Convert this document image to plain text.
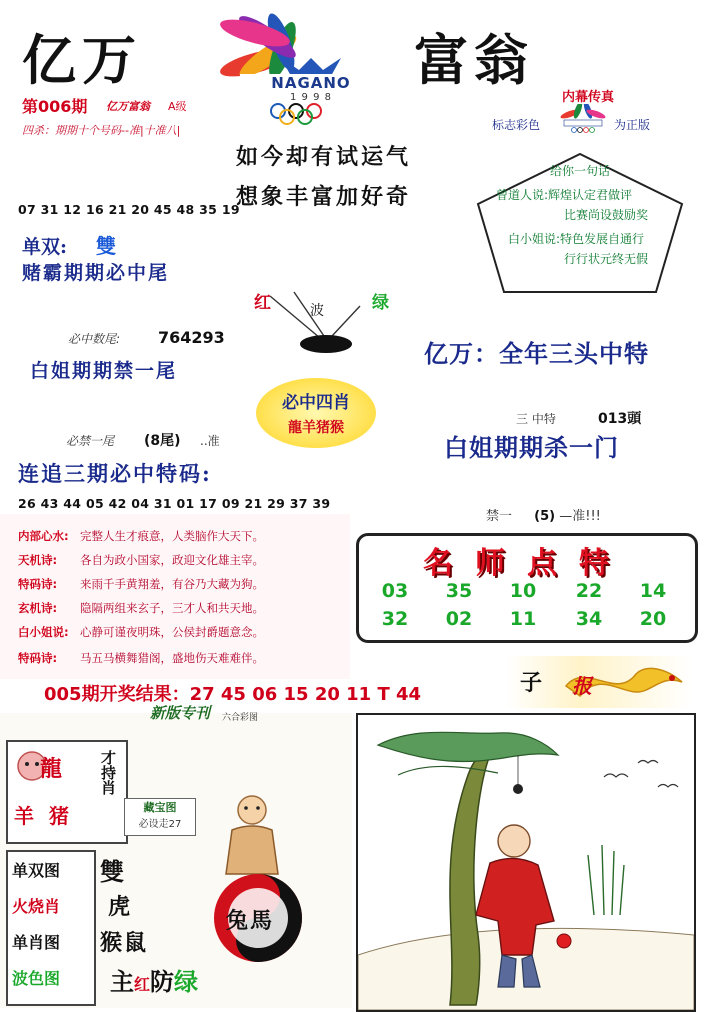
亿万	富翁
NAGANO
1 9 9 8
第006期 亿万富翁 A级
四杀：期期十个号码--准|十准八|
如今却有试运气
想象丰富加好奇
内幕传真
标志彩色	为正版
给你一句话
曾道人说:辉煌认定君做评
比赛尚设鼓励奖
白小姐说:特色发展自通行
行行状元终无假
07 31 12 16 21 20 45 48 35 19
单双: 雙
赌霸期期必中尾
红	波	绿
必中数尾: 764293
白姐期期禁一尾
亿万：全年三头中特
必中四肖
龍羊猪猴
三 中特	013頭
白姐期期杀一门
必禁一尾 (8尾) ..准
连追三期必中特码:
26 43 44 05 42 04 31 01 17 09 21 29 37 39
禁一 (5) —准!!!
内部心水: 完整人生才痕意，人类脑作大天下。
天机诗: 各自为政小国家，政迎文化雄主宰。
特码诗: 来雨千手黄翔羞，有谷乃大藏为狗。
玄机诗: 隐隔两组来玄子，三才人和共天地。
白小姐说: 心静可谨夜明珠，公侯封爵题意念。
特码诗: 马五马横舞猎阁，盛地伤天难难伴。
005期开奖结果：27 45 06 15 20 11 T 44
名师点特
03	35	10	22	14
32	02	11	34	20
子 报
新版专刊 六合彩图
龍
羊 猪
才持肖
藏宝图
必设走27
单双图
火烧肖
单肖图
波色图
雙
虎
猴鼠
兔馬
主红防绿
